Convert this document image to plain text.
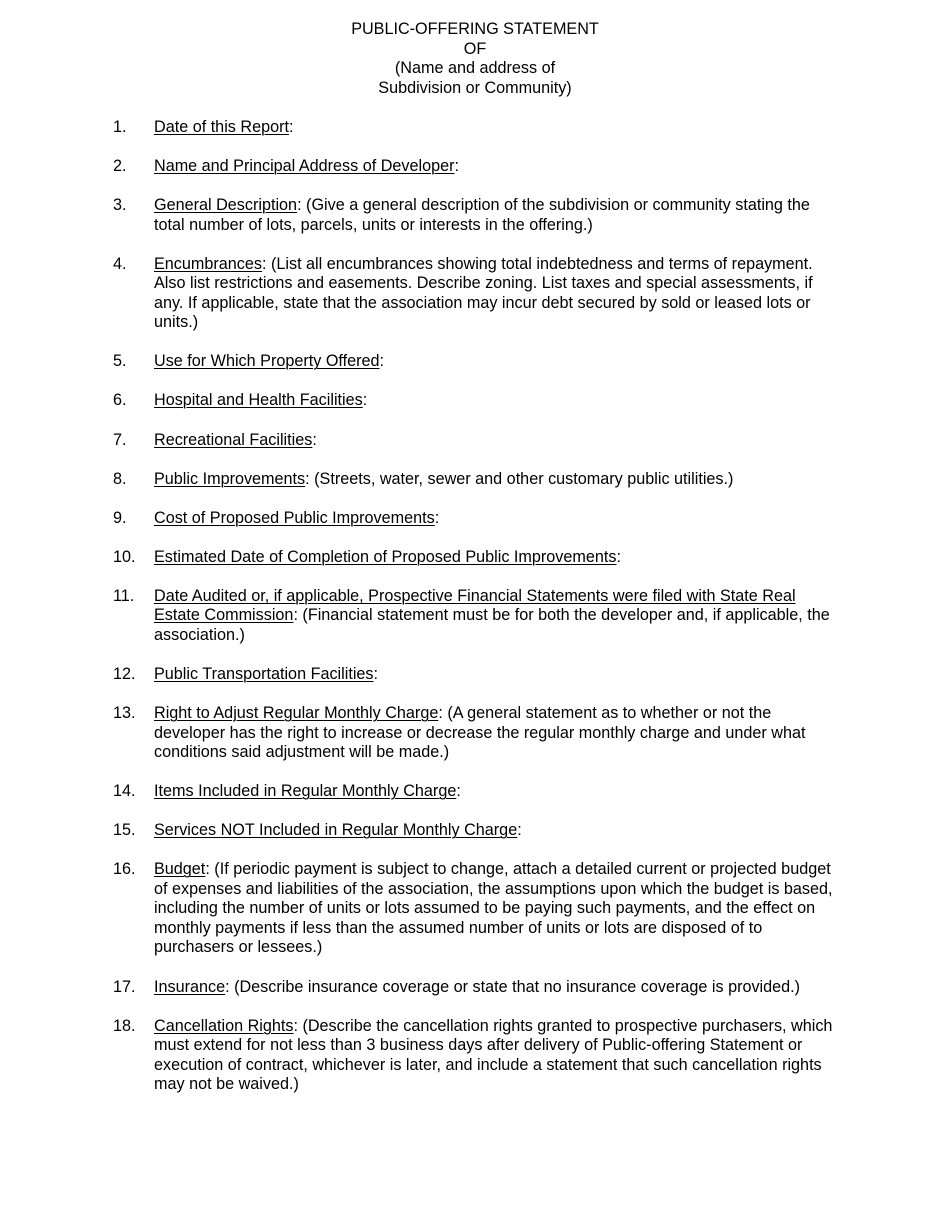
PUBLIC-OFFERING STATEMENT
OF
(Name and address of
Subdivision or Community)
1. Date of this Report:
2. Name and Principal Address of Developer:
3. General Description: (Give a general description of the subdivision or community stating the total number of lots, parcels, units or interests in the offering.)
4. Encumbrances: (List all encumbrances showing total indebtedness and terms of repayment. Also list restrictions and easements. Describe zoning. List taxes and special assessments, if any. If applicable, state that the association may incur debt secured by sold or leased lots or units.)
5. Use for Which Property Offered:
6. Hospital and Health Facilities:
7. Recreational Facilities:
8. Public Improvements: (Streets, water, sewer and other customary public utilities.)
9. Cost of Proposed Public Improvements:
10. Estimated Date of Completion of Proposed Public Improvements:
11. Date Audited or, if applicable, Prospective Financial Statements were filed with State Real Estate Commission: (Financial statement must be for both the developer and, if applicable, the association.)
12. Public Transportation Facilities:
13. Right to Adjust Regular Monthly Charge: (A general statement as to whether or not the developer has the right to increase or decrease the regular monthly charge and under what conditions said adjustment will be made.)
14. Items Included in Regular Monthly Charge:
15. Services NOT Included in Regular Monthly Charge:
16. Budget: (If periodic payment is subject to change, attach a detailed current or projected budget of expenses and liabilities of the association, the assumptions upon which the budget is based, including the number of units or lots assumed to be paying such payments, and the effect on monthly payments if less than the assumed number of units or lots are disposed of to purchasers or lessees.)
17. Insurance: (Describe insurance coverage or state that no insurance coverage is provided.)
18. Cancellation Rights: (Describe the cancellation rights granted to prospective purchasers, which must extend for not less than 3 business days after delivery of Public-offering Statement or execution of contract, whichever is later, and include a statement that such cancellation rights may not be waived.)
